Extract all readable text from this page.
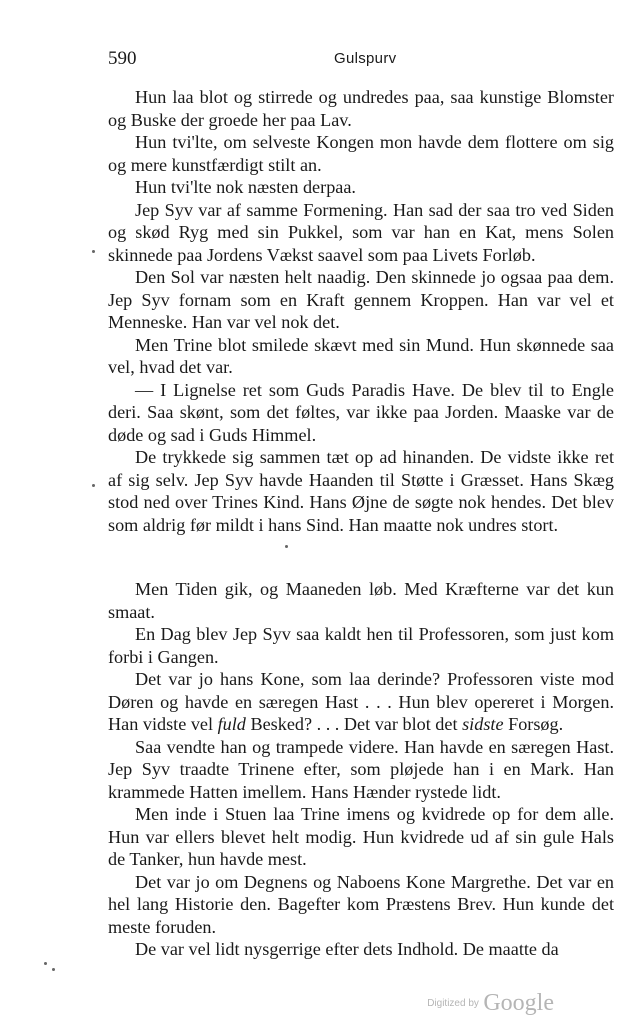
590	Gulspurv

Hun laa blot og stirrede og undredes paa, saa kunstige Blomster og Buske der groede her paa Lav.

Hun tvi'lte, om selveste Kongen mon havde dem flottere om sig og mere kunstfærdigt stilt an.

Hun tvi'lte nok næsten derpaa.

Jep Syv var af samme Formening. Han sad der saa tro ved Siden og skød Ryg med sin Pukkel, som var han en Kat, mens Solen skinnede paa Jordens Vækst saavel som paa Livets Forløb.

Den Sol var næsten helt naadig. Den skinnede jo ogsaa paa dem. Jep Syv fornam som en Kraft gennem Kroppen. Han var vel et Menneske. Han var vel nok det.

Men Trine blot smilede skævt med sin Mund. Hun skønnede saa vel, hvad det var.

— I Lignelse ret som Guds Paradis Have. De blev til to Engle deri. Saa skønt, som det føltes, var ikke paa Jorden. Maaske var de døde og sad i Guds Himmel.

De trykkede sig sammen tæt op ad hinanden. De vidste ikke ret af sig selv. Jep Syv havde Haanden til Støtte i Græsset. Hans Skæg stod ned over Trines Kind. Hans Øjne de søgte nok hendes. Det blev som aldrig før mildt i hans Sind. Han maatte nok undres stort.

Men Tiden gik, og Maaneden løb. Med Kræfterne var det kun smaat.

En Dag blev Jep Syv saa kaldt hen til Professoren, som just kom forbi i Gangen.

Det var jo hans Kone, som laa derinde? Professoren viste mod Døren og havde en særegen Hast . . . Hun blev opereret i Morgen. Han vidste vel fuld Besked? . . . Det var blot det sidste Forsøg.

Saa vendte han og trampede videre. Han havde en særegen Hast. Jep Syv traadte Trinene efter, som pløjede han i en Mark. Han krammede Hatten imellem. Hans Hænder rystede lidt.

Men inde i Stuen laa Trine imens og kvidrede op for dem alle. Hun var ellers blevet helt modig. Hun kvidrede ud af sin gule Hals de Tanker, hun havde mest.

Det var jo om Degnens og Naboens Kone Margrethe. Det var en hel lang Historie den. Bagefter kom Præstens Brev. Hun kunde det meste foruden.

De var vel lidt nysgerrige efter dets Indhold. De maatte da

Digitized by Google
